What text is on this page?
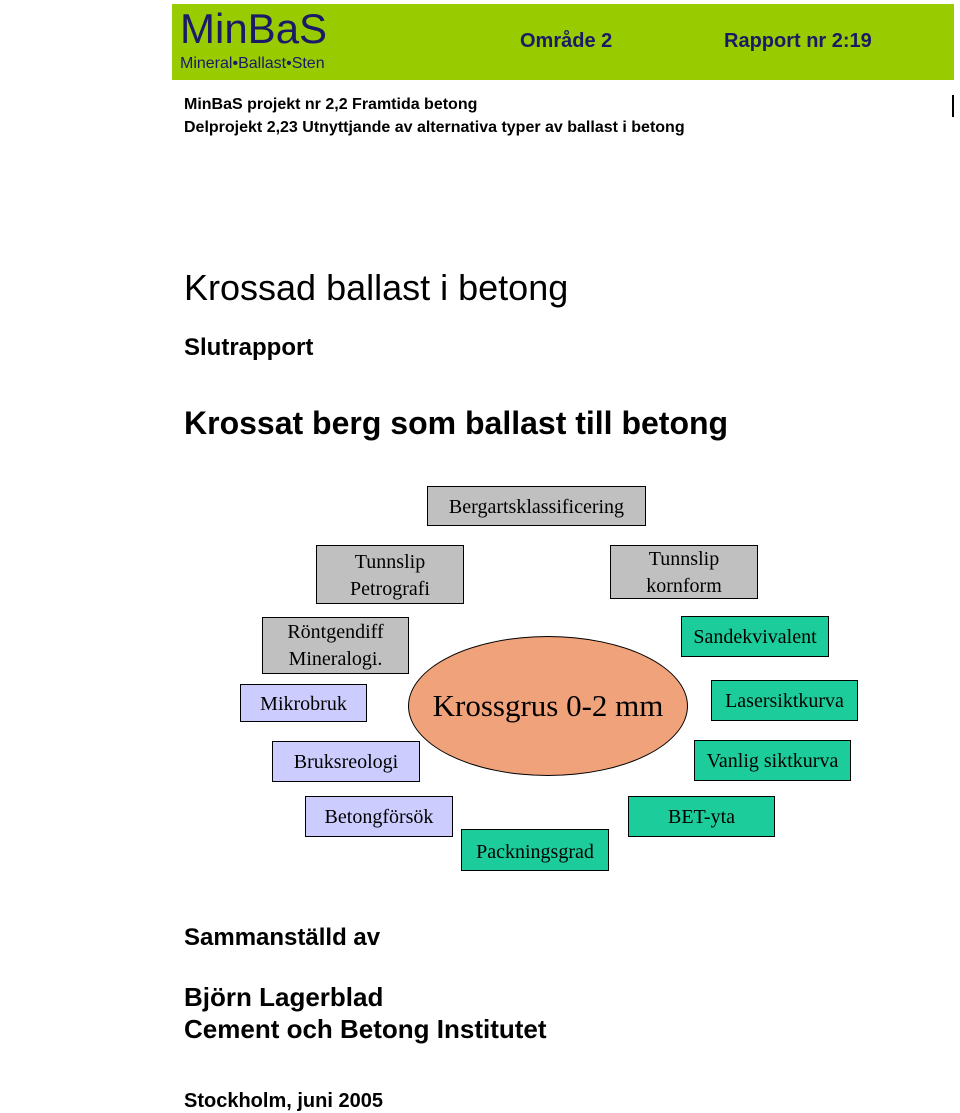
MinBaS
Mineral•Ballast•Sten
Område 2	Rapport nr 2:19
MinBaS projekt nr 2,2 Framtida betong
Delprojekt 2,23 Utnyttjande av alternativa typer av ballast i betong
Krossad ballast i betong
Slutrapport
Krossat berg som ballast till betong
Bergartsklassificering
Tunnslip
Petrografi
Tunnslip
kornform
Röntgendiff
Mineralogi.
Mikrobruk
Bruksreologi
Betongförsök
Krossgrus 0-2 mm
Sandekvivalent
Lasersiktkurva
Vanlig siktkurva
BET-yta
Packningsgrad
Sammanställd av
Björn Lagerblad
Cement och Betong Institutet
Stockholm, juni 2005
